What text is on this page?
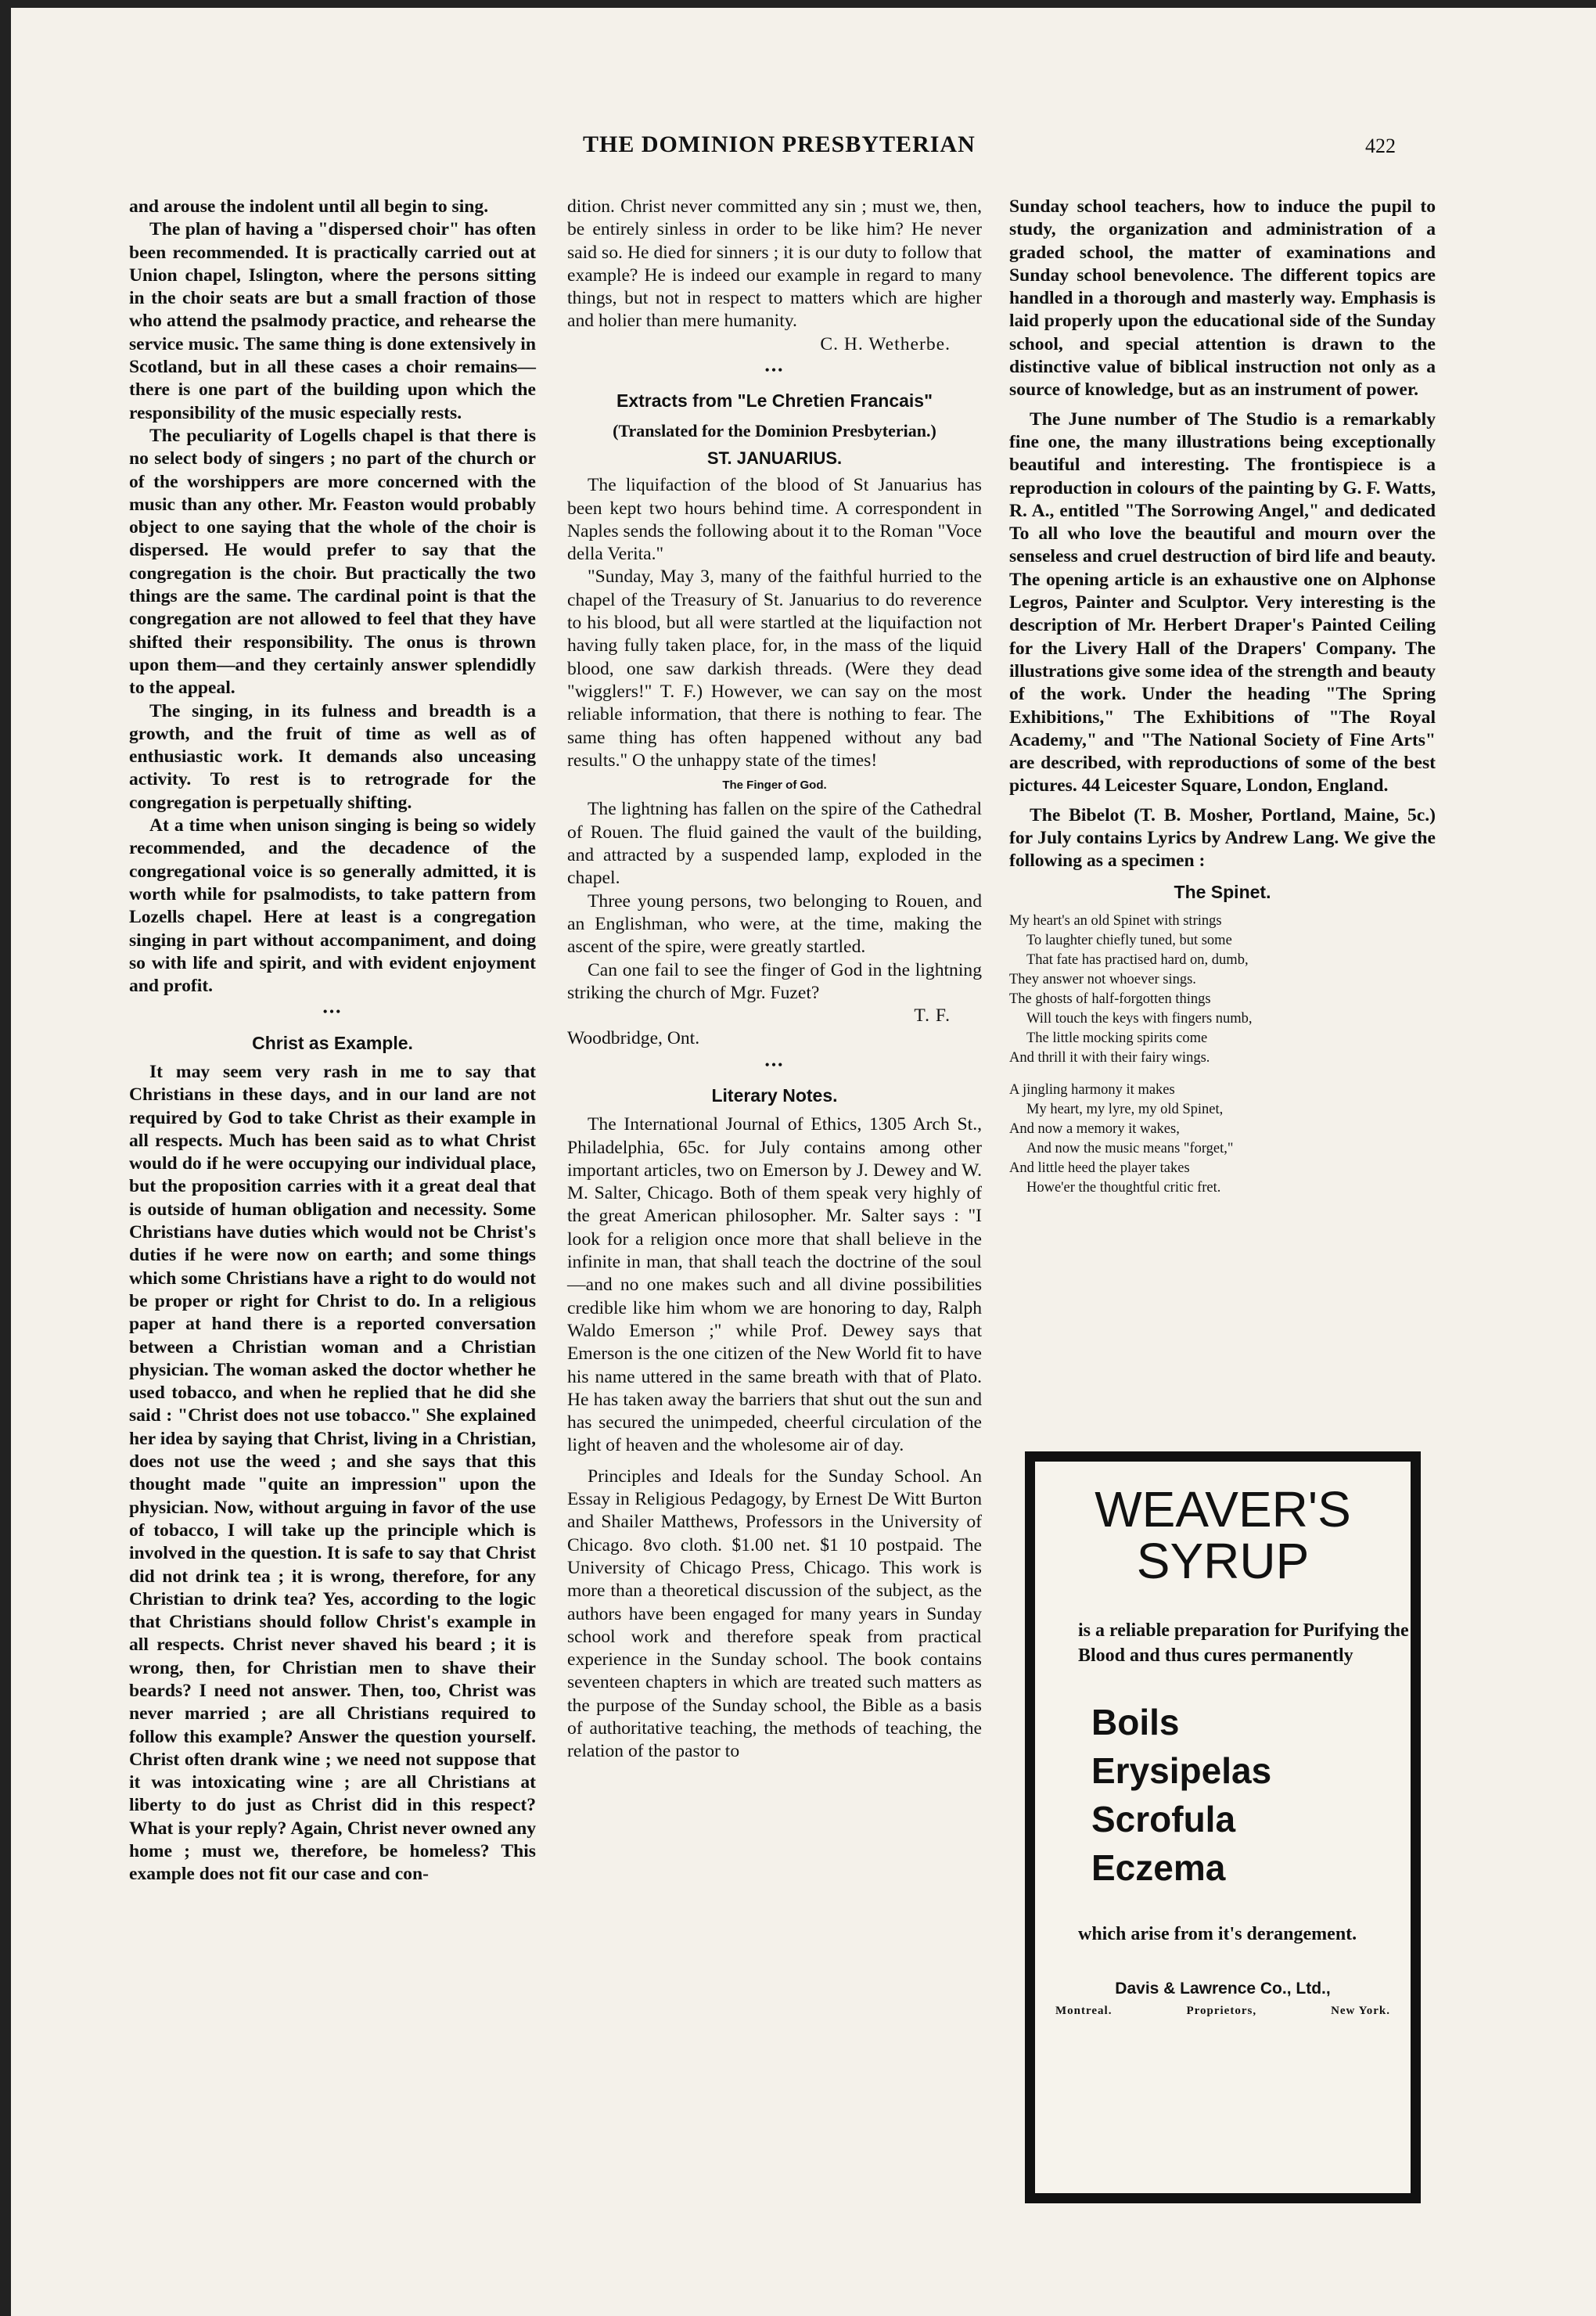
THE DOMINION PRESBYTERIAN	422

and arouse the indolent until all begin to sing.

The plan of having a "dispersed choir" has often been recommended. It is practically carried out at Union chapel, Islington, where the persons sitting in the choir seats are but a small fraction of those who attend the psalmody practice, and rehearse the service music. The same thing is done extensively in Scotland, but in all these cases a choir remains—there is one part of the building upon which the responsibility of the music especially rests.

The peculiarity of Logells chapel is that there is no select body of singers ; no part of the church or of the worshippers are more concerned with the music than any other. Mr. Feaston would probably object to one saying that the whole of the choir is dispersed. He would prefer to say that the congregation is the choir. But practically the two things are the same. The cardinal point is that the congregation are not allowed to feel that they have shifted their responsibility. The onus is thrown upon them—and they certainly answer splendidly to the appeal.

The singing, in its fulness and breadth is a growth, and the fruit of time as well as of enthusiastic work. It demands also unceasing activity. To rest is to retrograde for the congregation is perpetually shifting.

At a time when unison singing is being so widely recommended, and the decadence of the congregational voice is so generally admitted, it is worth while for psalmodists, to take pattern from Lozells chapel. Here at least is a congregation singing in part without accompaniment, and doing so with life and spirit, and with evident enjoyment and profit.

•••
Christ as Example.

It may seem very rash in me to say that Christians in these days, and in our land are not required by God to take Christ as their example in all respects. Much has been said as to what Christ would do if he were occupying our individual place, but the proposition carries with it a great deal that is outside of human obligation and necessity. Some Christians have duties which would not be Christ's duties if he were now on earth; and some things which some Christians have a right to do would not be proper or right for Christ to do. In a religious paper at hand there is a reported conversation between a Christian woman and a Christian physician. The woman asked the doctor whether he used tobacco, and when he replied that he did she said : "Christ does not use tobacco." She explained her idea by saying that Christ, living in a Christian, does not use the weed ; and she says that this thought made "quite an impression" upon the physician. Now, without arguing in favor of the use of tobacco, I will take up the principle which is involved in the question. It is safe to say that Christ did not drink tea ; it is wrong, therefore, for any Christian to drink tea? Yes, according to the logic that Christians should follow Christ's example in all respects. Christ never shaved his beard ; it is wrong, then, for Christian men to shave their beards? I need not answer. Then, too, Christ was never married ; are all Christians required to follow this example? Answer the question yourself. Christ often drank wine ; we need not suppose that it was intoxicating wine ; are all Christians at liberty to do just as Christ did in this respect? What is your reply? Again, Christ never owned any home ; must we, therefore, be homeless? This example does not fit our case and con-

dition. Christ never committed any sin ; must we, then, be entirely sinless in order to be like him? He never said so. He died for sinners ; it is our duty to follow that example? He is indeed our example in regard to many things, but not in respect to matters which are higher and holier than mere humanity.

C. H. Wetherbe.
•••
Extracts from "Le Chretien Francais"
(Translated for the Dominion Presbyterian.)
ST. JANUARIUS.

The liquifaction of the blood of St Januarius has been kept two hours behind time. A correspondent in Naples sends the following about it to the Roman "Voce della Verita."

"Sunday, May 3, many of the faithful hurried to the chapel of the Treasury of St. Januarius to do reverence to his blood, but all were startled at the liquifaction not having fully taken place, for, in the mass of the liquid blood, one saw darkish threads. (Were they dead "wigglers!" T. F.) However, we can say on the most reliable information, that there is nothing to fear. The same thing has often happened without any bad results." O the unhappy state of the times!

The Finger of God.

The lightning has fallen on the spire of the Cathedral of Rouen. The fluid gained the vault of the building, and attracted by a suspended lamp, exploded in the chapel.

Three young persons, two belonging to Rouen, and an Englishman, who were, at the time, making the ascent of the spire, were greatly startled.

Can one fail to see the finger of God in the lightning striking the church of Mgr. Fuzet?

T. F.

Woodbridge, Ont.

•••
Literary Notes.

The International Journal of Ethics, 1305 Arch St., Philadelphia, 65c. for July contains among other important articles, two on Emerson by J. Dewey and W. M. Salter, Chicago. Both of them speak very highly of the great American philosopher. Mr. Salter says : "I look for a religion once more that shall believe in the infinite in man, that shall teach the doctrine of the soul—and no one makes such and all divine possibilities credible like him whom we are honoring to day, Ralph Waldo Emerson ;" while Prof. Dewey says that Emerson is the one citizen of the New World fit to have his name uttered in the same breath with that of Plato. He has taken away the barriers that shut out the sun and has secured the unimpeded, cheerful circulation of the light of heaven and the wholesome air of day.

Principles and Ideals for the Sunday School. An Essay in Religious Pedagogy, by Ernest De Witt Burton and Shailer Matthews, Professors in the University of Chicago. 8vo cloth. $1.00 net. $1 10 postpaid. The University of Chicago Press, Chicago. This work is more than a theoretical discussion of the subject, as the authors have been engaged for many years in Sunday school work and therefore speak from practical experience in the Sunday school. The book contains seventeen chapters in which are treated such matters as the purpose of the Sunday school, the Bible as a basis of authoritative teaching, the methods of teaching, the relation of the pastor to

Sunday school teachers, how to induce the pupil to study, the organization and administration of a graded school, the matter of examinations and Sunday school benevolence. The different topics are handled in a thorough and masterly way. Emphasis is laid properly upon the educational side of the Sunday school, and special attention is drawn to the distinctive value of biblical instruction not only as a source of knowledge, but as an instrument of power.

The June number of The Studio is a remarkably fine one, the many illustrations being exceptionally beautiful and interesting. The frontispiece is a reproduction in colours of the painting by G. F. Watts, R. A., entitled "The Sorrowing Angel," and dedicated To all who love the beautiful and mourn over the senseless and cruel destruction of bird life and beauty. The opening article is an exhaustive one on Alphonse Legros, Painter and Sculptor. Very interesting is the description of Mr. Herbert Draper's Painted Ceiling for the Livery Hall of the Drapers' Company. The illustrations give some idea of the strength and beauty of the work. Under the heading "The Spring Exhibitions," The Exhibitions of "The Royal Academy," and "The National Society of Fine Arts" are described, with reproductions of some of the best pictures. 44 Leicester Square, London, England.

The Bibelot (T. B. Mosher, Portland, Maine, 5c.) for July contains Lyrics by Andrew Lang. We give the following as a specimen :

The Spinet.
My heart's an old Spinet with strings
To laughter chiefly tuned, but some
That fate has practised hard on, dumb,
They answer not whoever sings.
The ghosts of half-forgotten things
Will touch the keys with fingers numb,
The little mocking spirits come
And thrill it with their fairy wings.
A jingling harmony it makes
My heart, my lyre, my old Spinet,
And now a memory it wakes,
And now the music means "forget,"
And little heed the player takes
Howe'er the thoughtful critic fret.
WEAVER'S
SYRUP
is a reliable preparation for Purifying the Blood and thus cures permanently
Boils
Erysipelas
Scrofula
Eczema
which arise from it's derangement.
Davis & Lawrence Co., Ltd.,
Montreal.	Proprietors,	New York.
